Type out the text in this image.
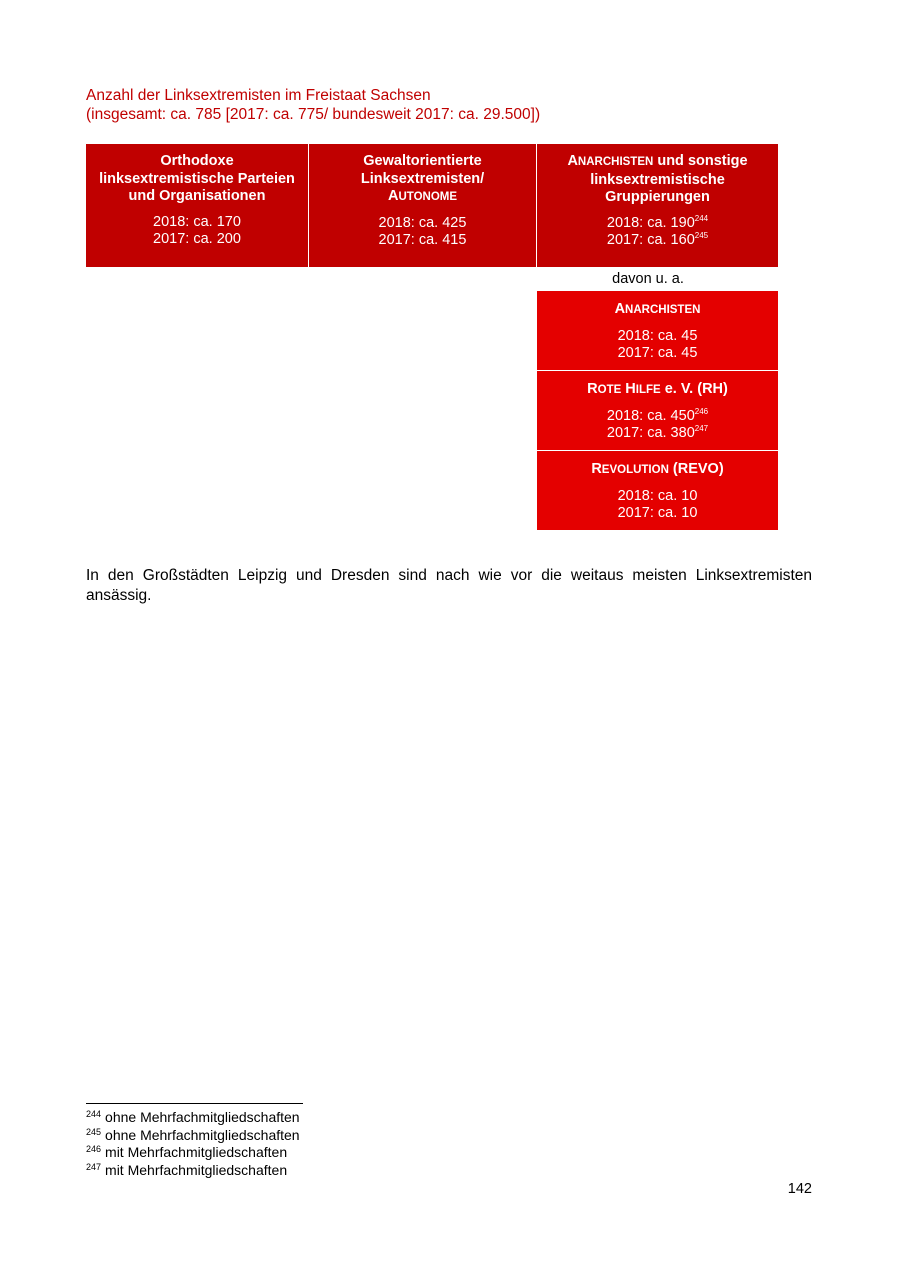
Anzahl der Linksextremisten im Freistaat Sachsen
(insgesamt: ca. 785 [2017: ca. 775/ bundesweit 2017: ca. 29.500])
Orthodoxe
linksextremistische Parteien
und Organisationen
2018: ca. 170
2017: ca. 200
Gewaltorientierte
Linksextremisten/
AUTONOME
2018: ca. 425
2017: ca. 415
ANARCHISTEN und sonstige
linksextremistische
Gruppierungen
2018: ca. $190^{244}$
2017: ca. $160^{245}$
davon u. a.
ANARCHISTEN
2018: ca. 45
2017: ca. 45
ROTE HILFE e. V. (RH)
2018: ca. $450^{246}$
2017: ca. $380^{247}$
REVOLUTION (REVO)
2018: ca. 10
2017: ca. 10
In den Großstädten Leipzig und Dresden sind nach wie vor die weitaus meisten Linksextremisten ansässig.
$^{244}$ ohne Mehrfachmitgliedschaften
$^{245}$ ohne Mehrfachmitgliedschaften
$^{246}$ mit Mehrfachmitgliedschaften
$^{247}$ mit Mehrfachmitgliedschaften
142
